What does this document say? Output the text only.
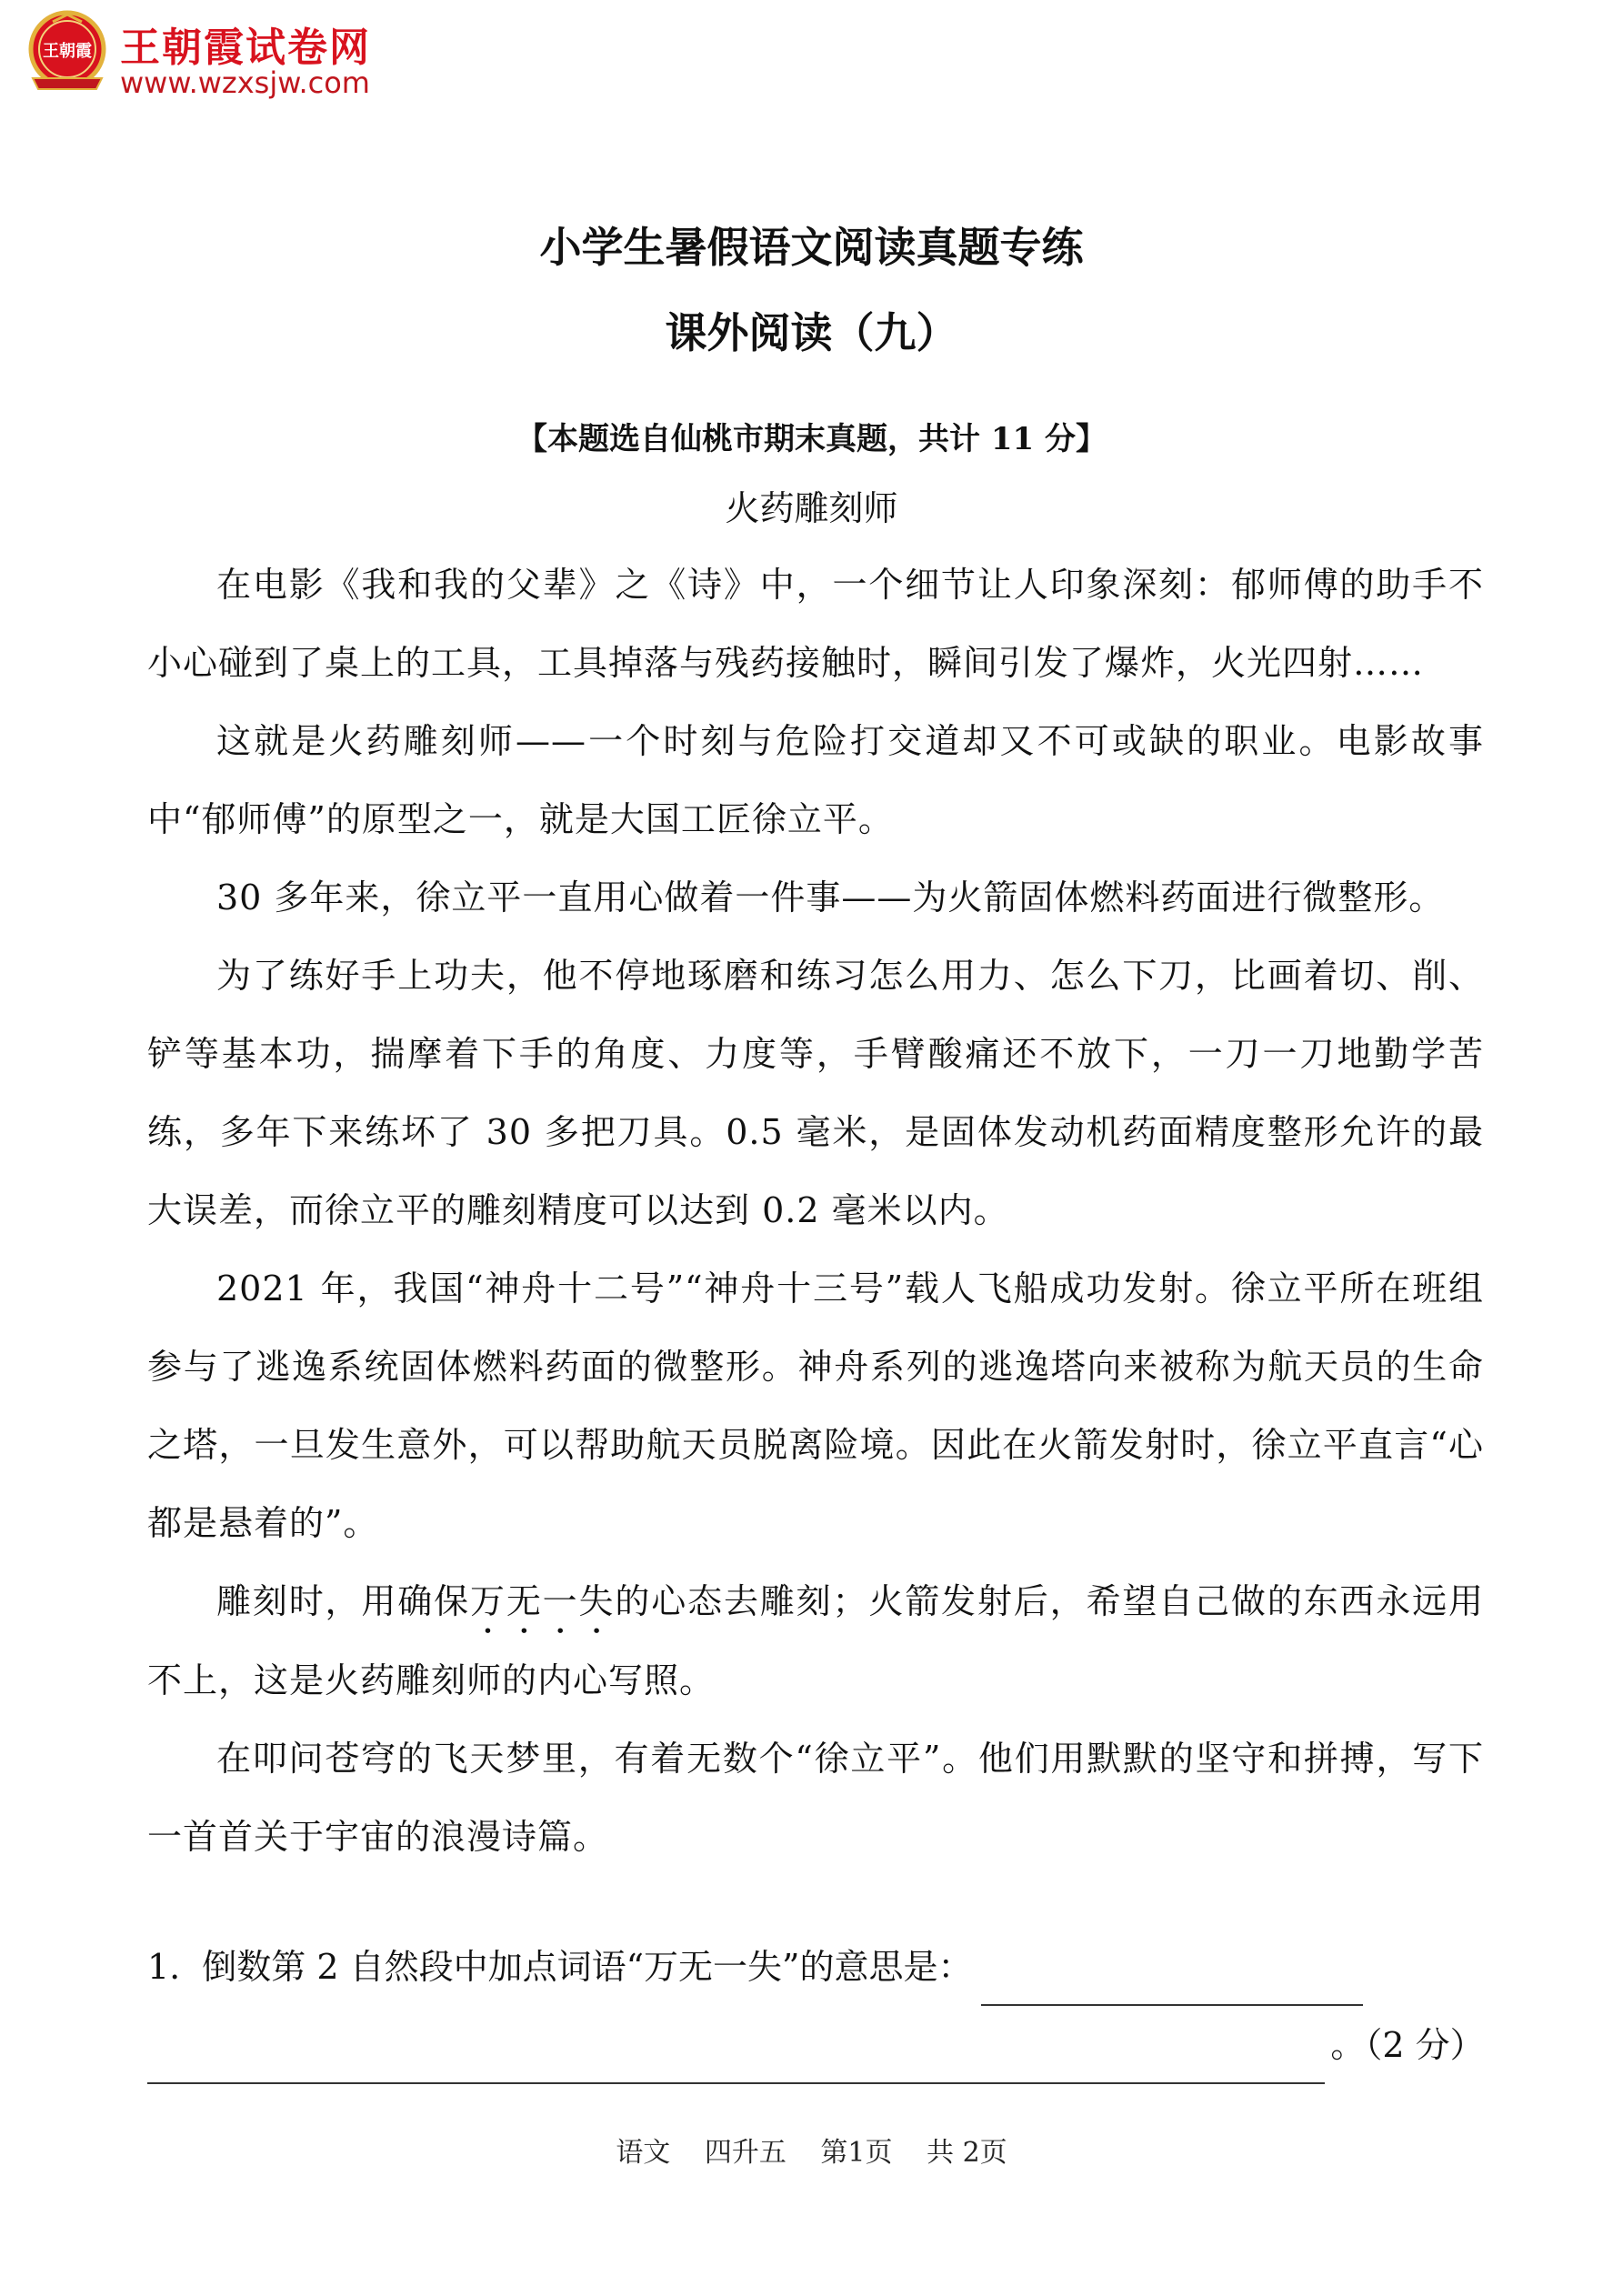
王朝霞 王朝霞试卷网
www.wzxsjw.com
小学生暑假语文阅读真题专练
课外阅读（九）
【本题选自仙桃市期末真题，共计 11 分】
火药雕刻师

在电影《我和我的父辈》之《诗》中，一个细节让人印象深刻：郁师傅的助手不小心碰到了桌上的工具，工具掉落与残药接触时，瞬间引发了爆炸，火光四射……

这就是火药雕刻师——一个时刻与危险打交道却又不可或缺的职业。电影故事中“郁师傅”的原型之一，就是大国工匠徐立平。

30 多年来，徐立平一直用心做着一件事——为火箭固体燃料药面进行微整形。

为了练好手上功夫，他不停地琢磨和练习怎么用力、怎么下刀，比画着切、削、铲等基本功，揣摩着下手的角度、力度等，手臂酸痛还不放下，一刀一刀地勤学苦练，多年下来练坏了 30 多把刀具。0.5 毫米，是固体发动机药面精度整形允许的最大误差，而徐立平的雕刻精度可以达到 0.2 毫米以内。

2021 年，我国“神舟十二号”“神舟十三号”载人飞船成功发射。徐立平所在班组参与了逃逸系统固体燃料药面的微整形。神舟系列的逃逸塔向来被称为航天员的生命之塔，一旦发生意外，可以帮助航天员脱离险境。因此在火箭发射时，徐立平直言“心都是悬着的”。

雕刻时，用确保万无一失的心态去雕刻；火箭发射后，希望自己做的东西永远用不上，这是火药雕刻师的内心写照。

在叩问苍穹的飞天梦里，有着无数个“徐立平”。他们用默默的坚守和拼搏，写下一首首关于宇宙的浪漫诗篇。

1. 倒数第 2 自然段中加点词语“万无一失”的意思是：
。（2 分）
语文 四升五 第1页 共 2页
